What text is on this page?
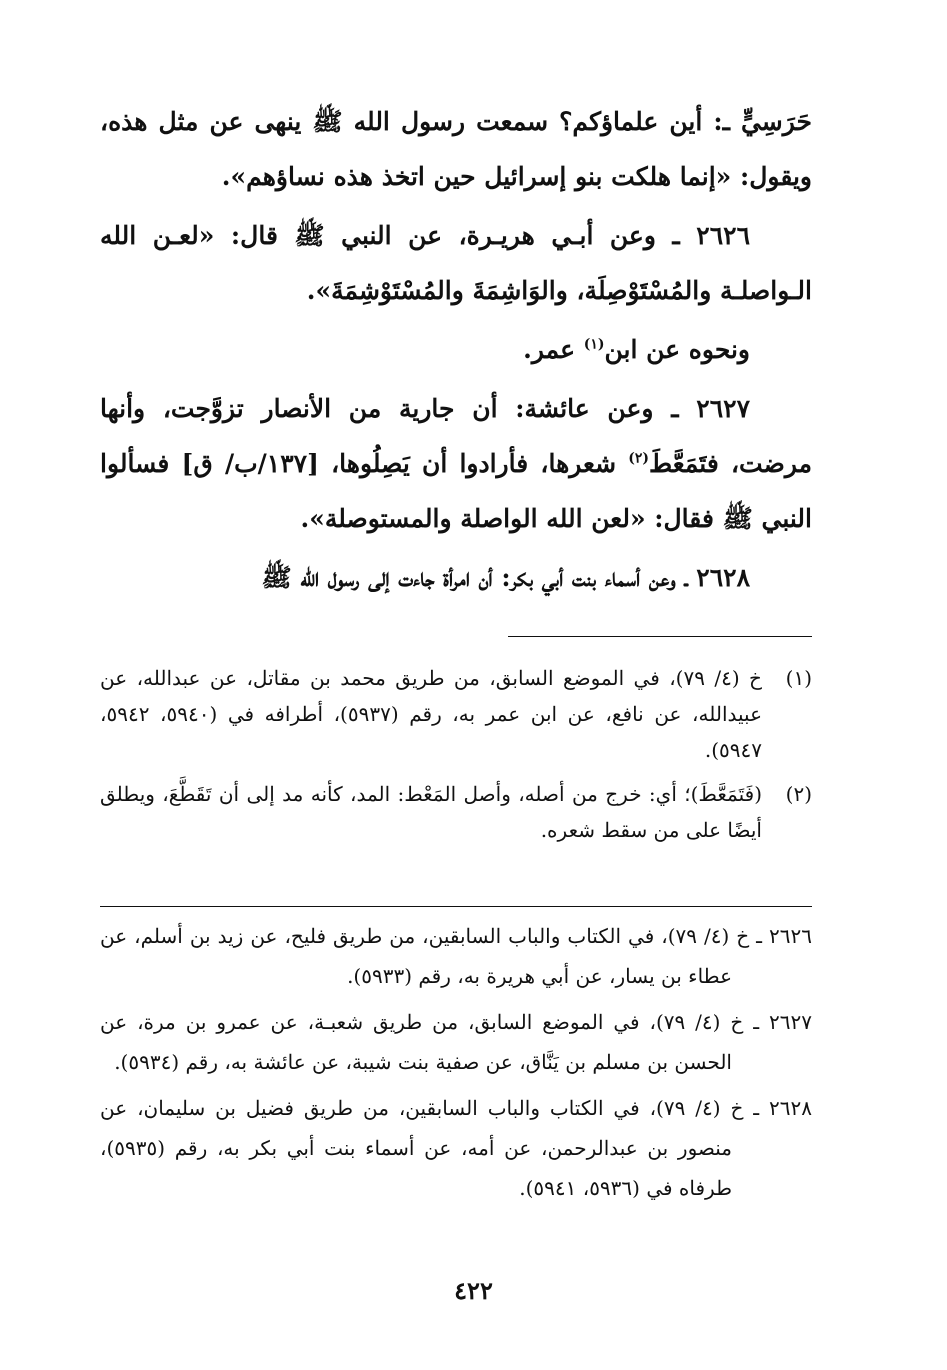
حَرَسِيٍّ ـ: أين علماؤكم؟ سمعت رسول الله ﷺ ينهى عن مثل هذه، ويقول: «إنما هلكت بنو إسرائيل حين اتخذ هذه نساؤهم».

٢٦٢٦ ـ وعن أبـي هريـرة، عن النبي ﷺ قال: «لعـن الله الـواصلـة والمُسْتَوْصِلَة، والوَاشِمَةَ والمُسْتَوْشِمَةَ».

ونحوه عن ابن$^{(١)}$ عمر.

٢٦٢٧ ـ وعن عائشة: أن جارية من الأنصار تزوَّجت، وأنها مرضت، فتَمَعَّطَ$^{(٢)}$ شعرها، فأرادوا أن يَصِلُوها، [١٣٧/ب/ ق] فسألوا النبي ﷺ فقال: «لعن الله الواصلة والمستوصلة».

٢٦٢٨ ـ وعن أسماء بنت أبي بكر: أن امرأة جاءت إلى رسول الله ﷺ

(١)
خ (٤/ ٧٩)، في الموضع السابق، من طريق محمد بن مقاتل، عن عبدالله، عن عبيدالله، عن نافع، عن ابن عمر به، رقم (٥٩٣٧)، أطرافه في (٥٩٤٠، ٥٩٤٢، ٥٩٤٧).
(٢)
(فَتَمَعَّطَ)؛ أي: خرج من أصله، وأصل المَعْط: المد، كأنه مد إلى أن تَقَطَّعَ، ويطلق أيضًا على من سقط شعره.

٢٦٢٦ ـ خ (٤/ ٧٩)، في الكتاب والباب السابقين، من طريق فليح، عن زيد بن أسلم، عن عطاء بن يسار، عن أبي هريرة به، رقم (٥٩٣٣).

٢٦٢٧ ـ خ (٤/ ٧٩)، في الموضع السابق، من طريق شعبـة، عن عمرو بن مرة، عن الحسن بن مسلم بن يَنَّاق، عن صفية بنت شيبة، عن عائشة به، رقم (٥٩٣٤).

٢٦٢٨ ـ خ (٤/ ٧٩)، في الكتاب والباب السابقين، من طريق فضيل بن سليمان، عن منصور بن عبدالرحمن، عن أمه، عن أسماء بنت أبي بكر به، رقم (٥٩٣٥)، طرفاه في (٥٩٣٦، ٥٩٤١).

٤٢٢
